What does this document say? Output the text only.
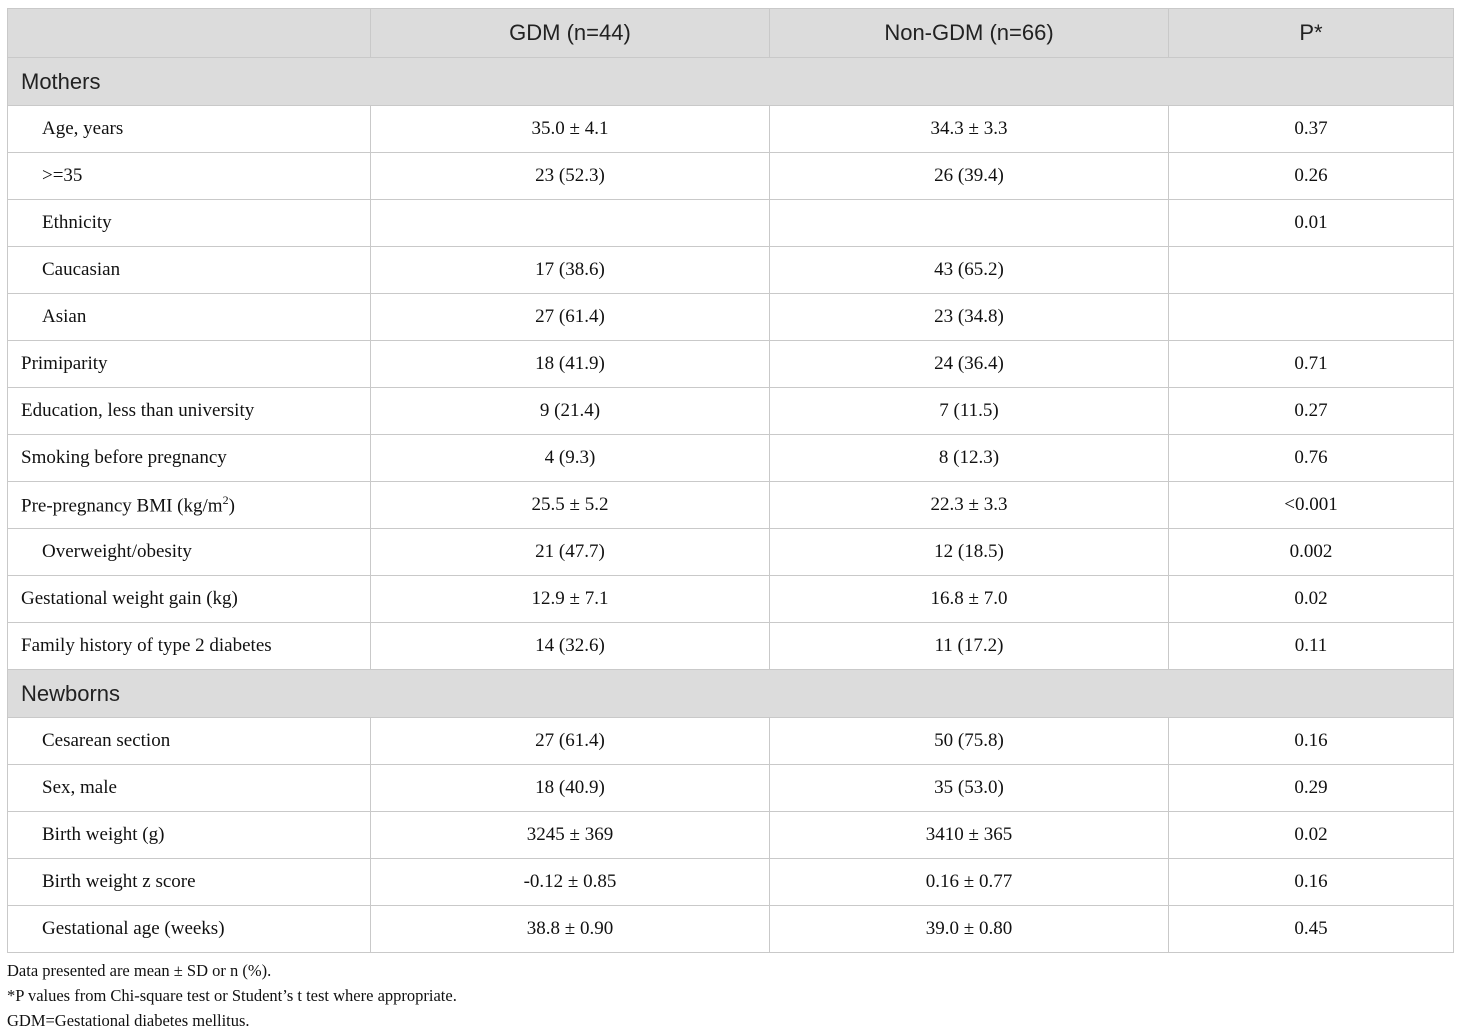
	GDM (n=44)	Non-GDM (n=66)	P*
Mothers			
Age, years	35.0 ± 4.1	34.3 ± 3.3	0.37
>=35	23 (52.3)	26 (39.4)	0.26
Ethnicity			0.01
Caucasian	17 (38.6)	43 (65.2)	
Asian	27 (61.4)	23 (34.8)	
Primiparity	18 (41.9)	24 (36.4)	0.71
Education, less than university	9 (21.4)	7 (11.5)	0.27
Smoking before pregnancy	4 (9.3)	8 (12.3)	0.76
Pre-pregnancy BMI $(kg/m^2)$	25.5 ± 5.2	22.3 ± 3.3	<0.001
Overweight/obesity	21 (47.7)	12 (18.5)	0.002
Gestational weight gain (kg)	12.9 ± 7.1	16.8 ± 7.0	0.02
Family history of type 2 diabetes	14 (32.6)	11 (17.2)	0.11
Newborns			
Cesarean section	27 (61.4)	50 (75.8)	0.16
Sex, male	18 (40.9)	35 (53.0)	0.29
Birth weight (g)	3245 ± 369	3410 ± 365	0.02
Birth weight z score	-0.12 ± 0.85	0.16 ± 0.77	0.16
Gestational age (weeks)	38.8 ± 0.90	39.0 ± 0.80	0.45
Data presented are mean ± SD or n (%).
*P values from Chi-square test or Student’s t test where appropriate.
GDM=Gestational diabetes mellitus.
